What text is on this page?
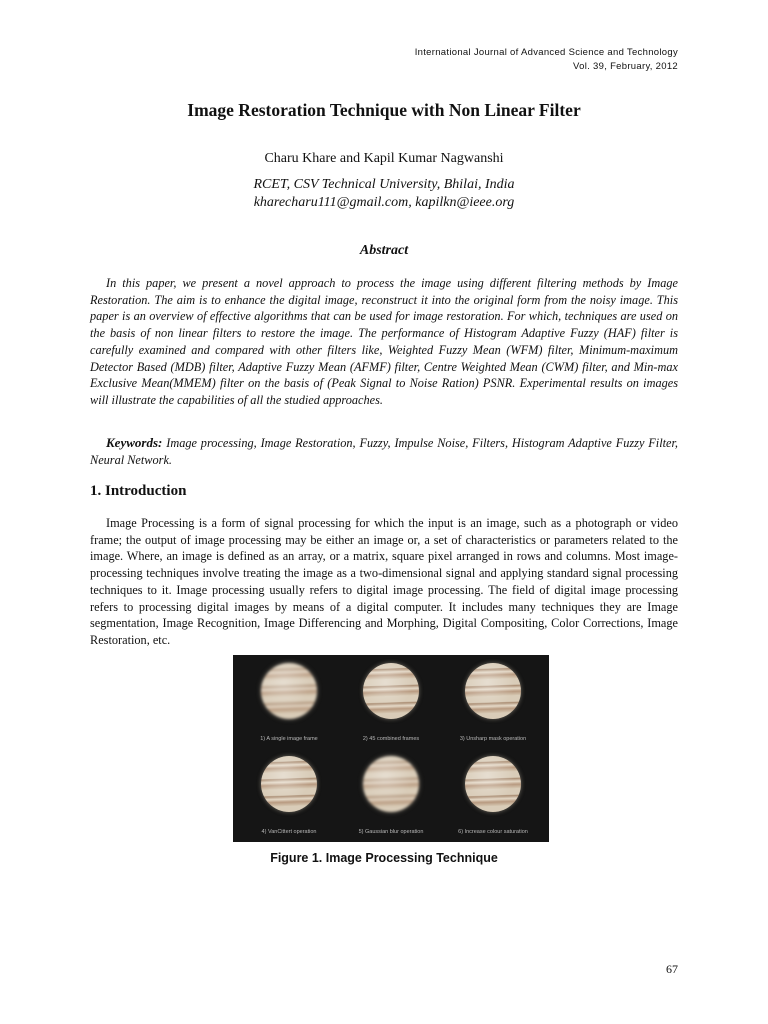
International Journal of Advanced Science and Technology
Vol. 39, February, 2012
Image Restoration Technique with Non Linear Filter
Charu Khare and Kapil Kumar Nagwanshi
RCET, CSV Technical University, Bhilai, India
kharecharu111@gmail.com, kapilkn@ieee.org
Abstract
In this paper, we present a novel approach to process the image using different filtering methods by Image Restoration. The aim is to enhance the digital image, reconstruct it into the original form from the noisy image. This paper is an overview of effective algorithms that can be used for image restoration. For which, techniques are used on the basis of non linear filters to restore the image. The performance of Histogram Adaptive Fuzzy (HAF) filter is carefully examined and compared with other filters like, Weighted Fuzzy Mean (WFM) filter, Minimum-maximum Detector Based (MDB) filter, Adaptive Fuzzy Mean (AFMF) filter, Centre Weighted Mean (CWM) filter, and Min-max Exclusive Mean(MMEM) filter on the basis of (Peak Signal to Noise Ration) PSNR. Experimental results on images will illustrate the capabilities of all the studied approaches.
Keywords: Image processing, Image Restoration, Fuzzy, Impulse Noise, Filters, Histogram Adaptive Fuzzy Filter, Neural Network.
1. Introduction
Image Processing is a form of signal processing for which the input is an image, such as a photograph or video frame; the output of image processing may be either an image or, a set of characteristics or parameters related to the image. Where, an image is defined as an array, or a matrix, square pixel arranged in rows and columns. Most image-processing techniques involve treating the image as a two-dimensional signal and applying standard signal processing techniques to it. Image processing usually refers to digital image processing. The field of digital image processing refers to processing digital images by means of a digital computer. It includes many techniques they are Image segmentation, Image Recognition, Image Differencing and Morphing, Digital Compositing, Color Corrections, Image Restoration, etc.
1) A single image frame	2) 45 combined frames	3) Unsharp mask operation
4) VanCittert operation	5) Gaussian blur operation	6) Increase colour saturation
Figure 1. Image Processing Technique
67
